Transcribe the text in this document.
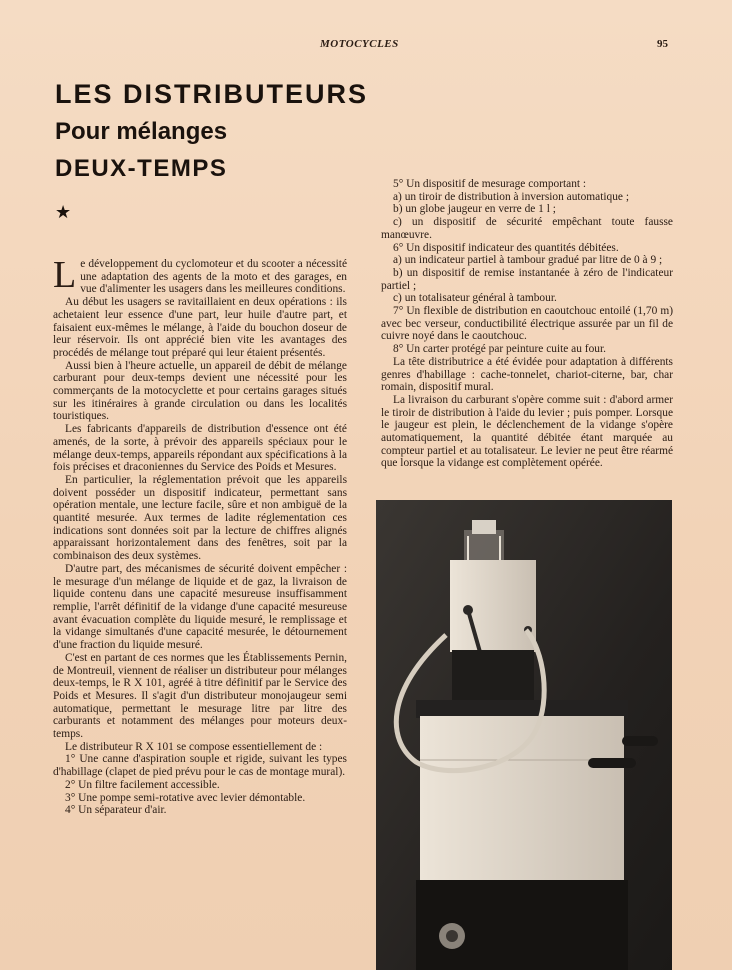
MOTOCYCLES	95
LES DISTRIBUTEURS
Pour mélanges
DEUX-TEMPS
★

Le développement du cyclomoteur et du scooter a nécessité une adaptation des agents de la moto et des garages, en vue d'alimenter les usagers dans les meilleures conditions.

Au début les usagers se ravitaillaient en deux opérations : ils achetaient leur essence d'une part, leur huile d'autre part, et faisaient eux-mêmes le mélange, à l'aide du bouchon doseur de leur réservoir. Ils ont apprécié bien vite les avantages des procédés de mélange tout préparé qui leur étaient présentés.

Aussi bien à l'heure actuelle, un appareil de débit de mélange carburant pour deux-temps devient une nécessité pour les commerçants de la motocyclette et pour certains garages situés sur les itinéraires à grande circulation ou dans les localités touristiques.

Les fabricants d'appareils de distribution d'essence ont été amenés, de la sorte, à prévoir des appareils spéciaux pour le mélange deux-temps, appareils répondant aux spécifications à la fois précises et draconiennes du Service des Poids et Mesures.

En particulier, la réglementation prévoit que les appareils doivent posséder un dispositif indicateur, permettant sans opération mentale, une lecture facile, sûre et non ambiguë de la quantité mesurée. Aux termes de ladite réglementation ces indications sont données soit par la lecture de chiffres alignés apparaissant horizontalement dans des fenêtres, soit par la combinaison des deux systèmes.

D'autre part, des mécanismes de sécurité doivent empêcher : le mesurage d'un mélange de liquide et de gaz, la livraison de liquide contenu dans une capacité mesureuse insuffisamment remplie, l'arrêt définitif de la vidange d'une capacité mesureuse avant évacuation complète du liquide mesuré, le remplissage et la vidange simultanés d'une capacité mesurée, le détournement d'une fraction du liquide mesuré.

C'est en partant de ces normes que les Établissements Pernin, de Montreuil, viennent de réaliser un distributeur pour mélanges deux-temps, le R X 101, agréé à titre définitif par le Service des Poids et Mesures. Il s'agit d'un distributeur monojaugeur semi automatique, permettant le mesurage litre par litre des carburants et notamment des mélanges pour moteurs deux-temps.

Le distributeur R X 101 se compose essentiellement de :

1° Une canne d'aspiration souple et rigide, suivant les types d'habillage (clapet de pied prévu pour le cas de montage mural).

2° Un filtre facilement accessible.

3° Une pompe semi-rotative avec levier démontable.

4° Un séparateur d'air.

5° Un dispositif de mesurage comportant :

a) un tiroir de distribution à inversion automatique ;

b) un globe jaugeur en verre de 1 l ;

c) un dispositif de sécurité empêchant toute fausse manœuvre.

6° Un dispositif indicateur des quantités débitées.

a) un indicateur partiel à tambour gradué par litre de 0 à 9 ;

b) un dispositif de remise instantanée à zéro de l'indicateur partiel ;

c) un totalisateur général à tambour.

7° Un flexible de distribution en caoutchouc entoilé (1,70 m) avec bec verseur, conductibilité électrique assurée par un fil de cuivre noyé dans le caoutchouc.

8° Un carter protégé par peinture cuite au four.

La tête distributrice a été évidée pour adaptation à différents genres d'habillage : cache-tonnelet, chariot-citerne, bar, char romain, dispositif mural.

La livraison du carburant s'opère comme suit : d'abord armer le tiroir de distribution à l'aide du levier ; puis pomper. Lorsque le jaugeur est plein, le déclenchement de la vidange s'opère automatiquement, la quantité débitée étant marquée au compteur partiel et au totalisateur. Le levier ne peut être réarmé que lorsque la vidange est complètement opérée.
